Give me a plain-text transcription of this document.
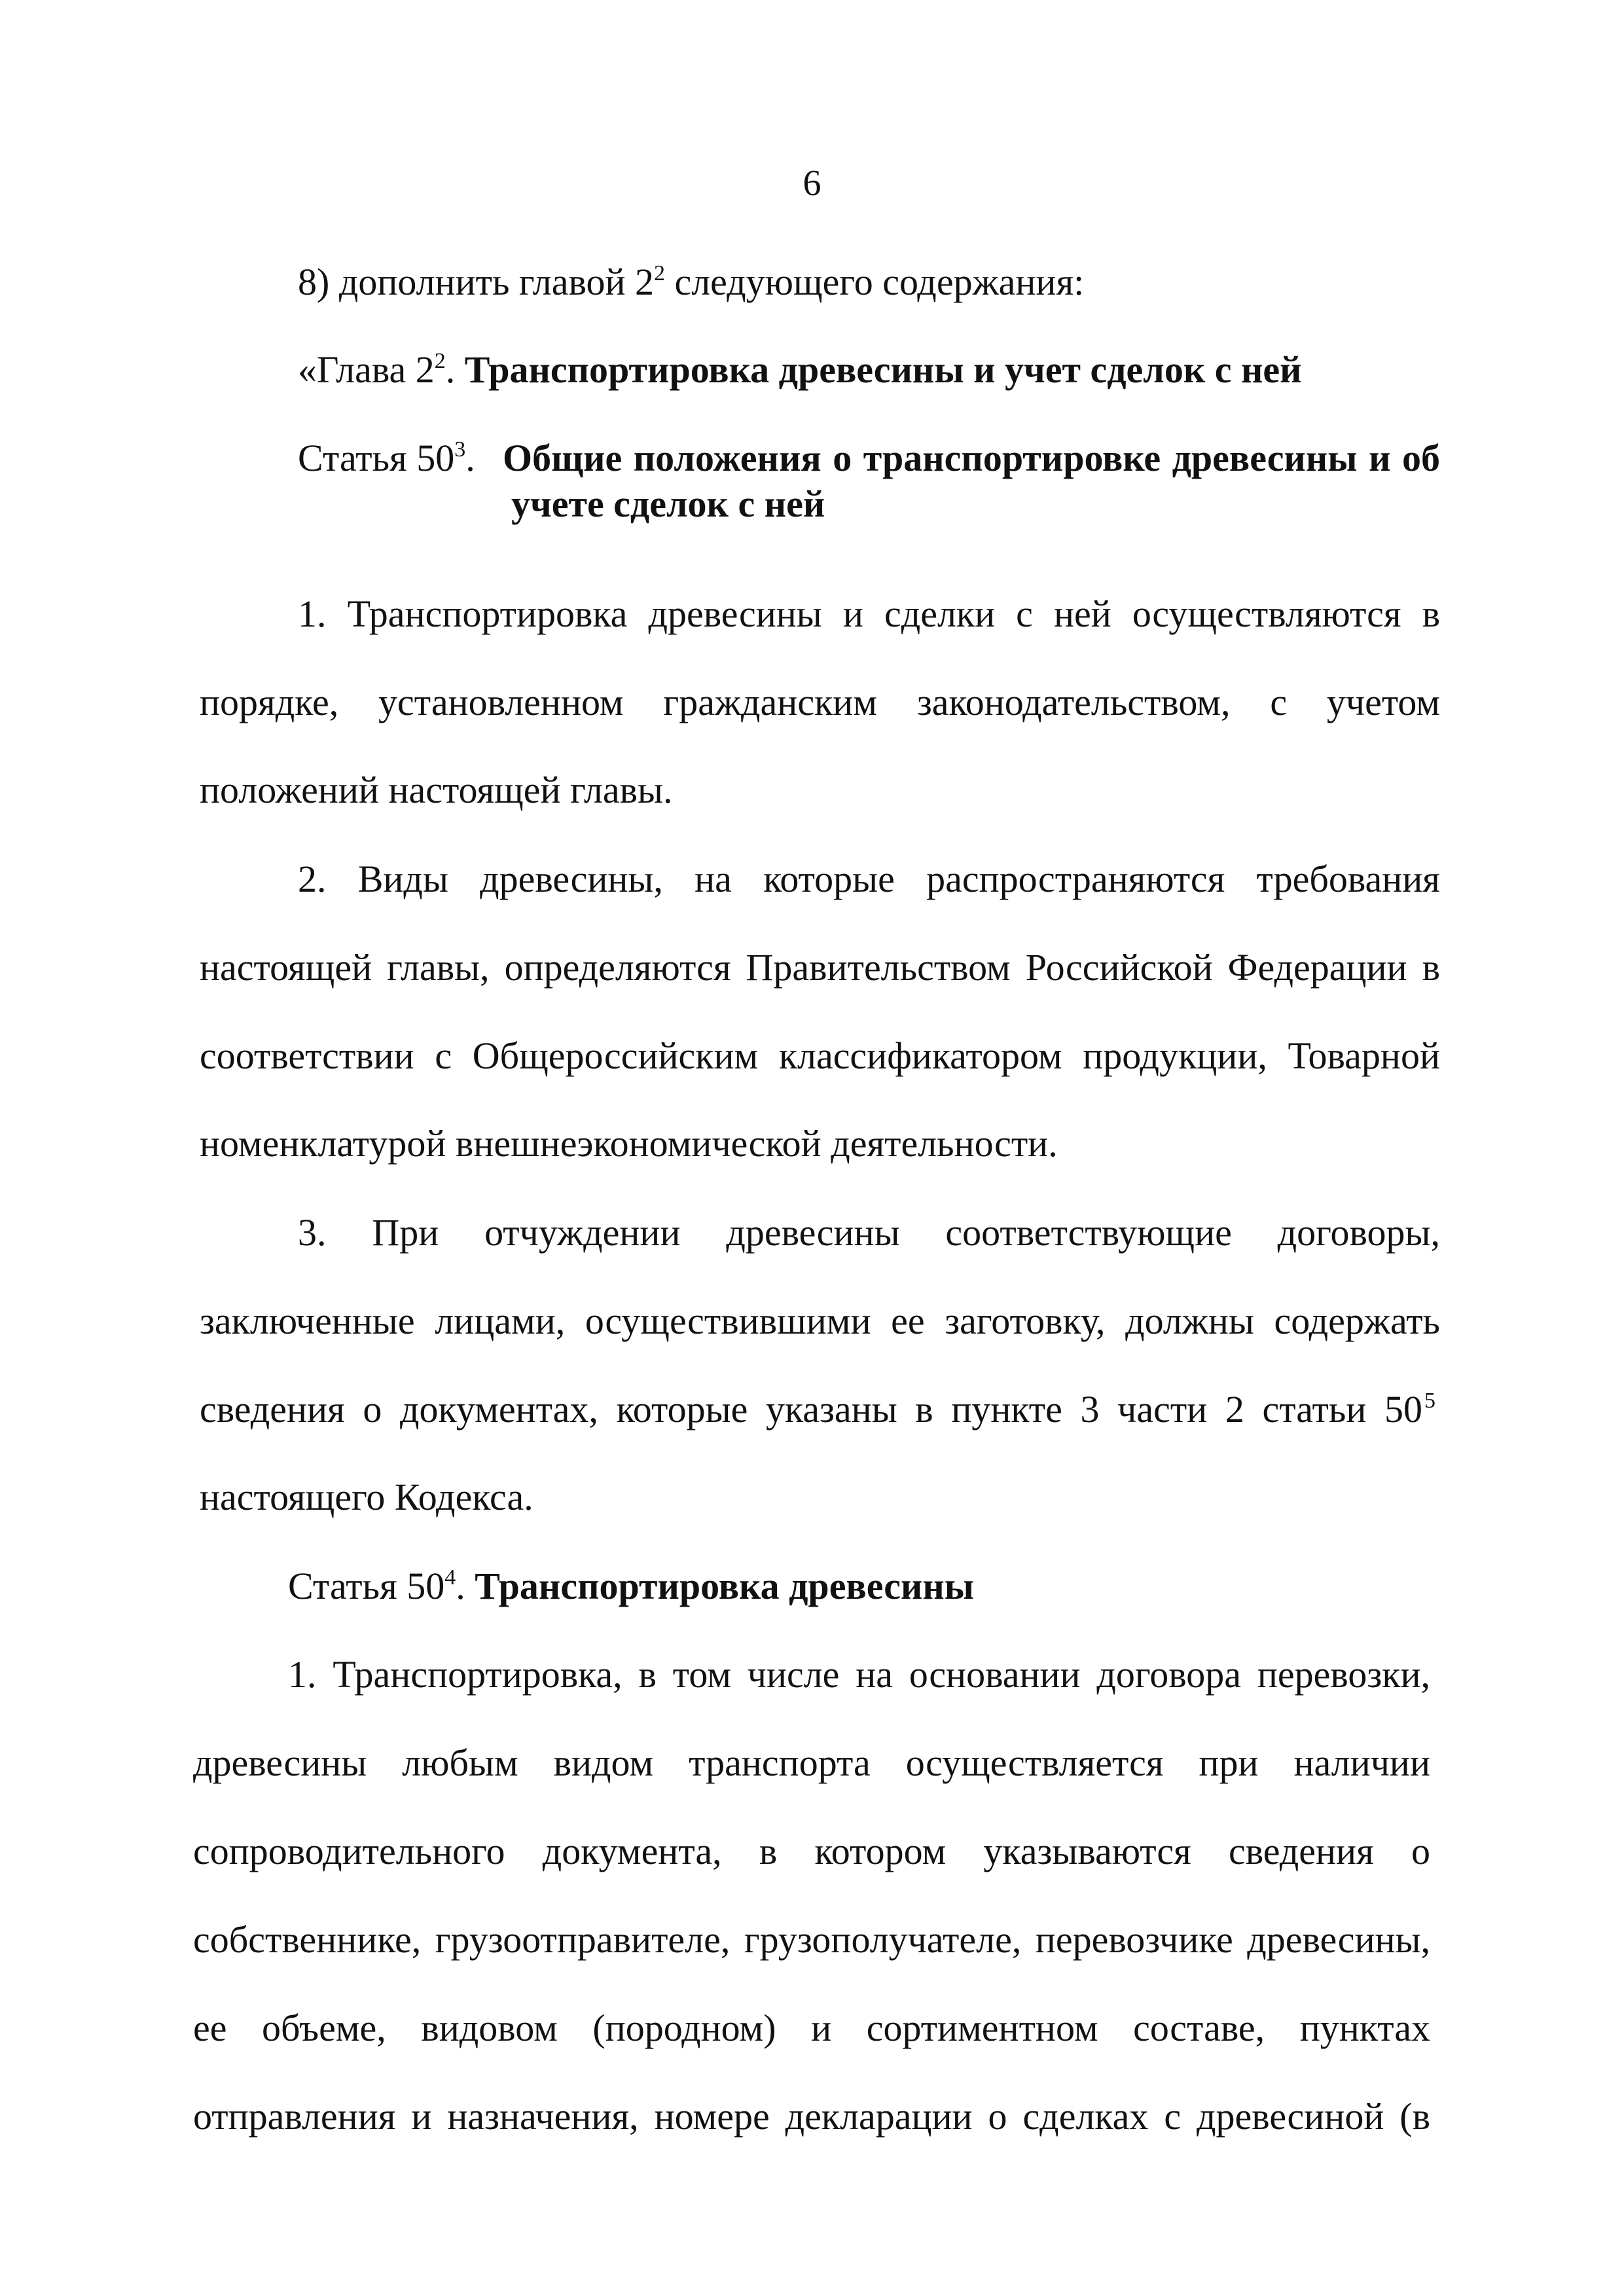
6
8) дополнить главой $2^2$ следующего содержания:
«Глава $2^2$. Транспортировка древесины и учет сделок с ней
Статья $50^3$. Общие положения о транспортировке древесины и об
учете сделок с ней
1. Транспортировка древесины и сделки с ней осуществляются в
порядке, установленном гражданским законодательством, с учетом
положений настоящей главы.
2. Виды древесины, на которые распространяются требования
настоящей главы, определяются Правительством Российской Федерации в
соответствии с Общероссийским классификатором продукции, Товарной
номенклатурой внешнеэкономической деятельности.
3. При отчуждении древесины соответствующие договоры,
заключенные лицами, осуществившими ее заготовку, должны содержать
сведения о документах, которые указаны в пункте 3 части 2 статьи 50 $^5$
настоящего Кодекса.
Статья $50^4$. Транспортировка древесины
1. Транспортировка, в том числе на основании договора перевозки,
древесины любым видом транспорта осуществляется при наличии
сопроводительного документа, в котором указываются сведения о
собственнике, грузоотправителе, грузополучателе, перевозчике древесины,
ее объеме, видовом (породном) и сортиментном составе, пунктах
отправления и назначения, номере декларации о сделках с древесиной (в
